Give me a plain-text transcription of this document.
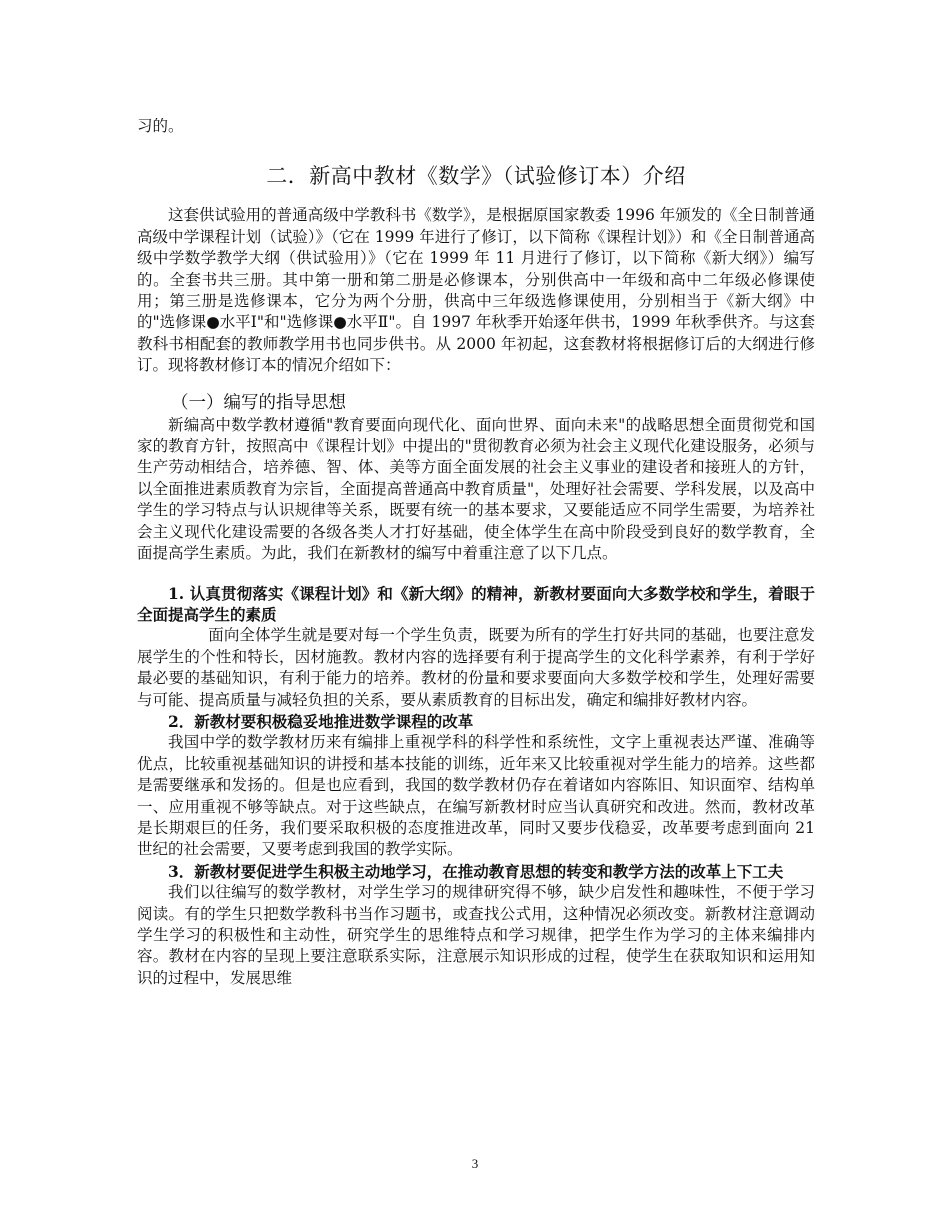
习的。

二．新高中教材《数学》（试验修订本）介绍

这套供试验用的普通高级中学教科书《数学》，是根据原国家教委 1996 年颁发的《全日制普通高级中学课程计划（试验）》（它在 1999 年进行了修订，以下简称《课程计划》）和《全日制普通高级中学数学教学大纲（供试验用）》（它在 1999 年 11 月进行了修订，以下简称《新大纲》）编写的。全套书共三册。其中第一册和第二册是必修课本，分别供高中一年级和高中二年级必修课使用；第三册是选修课本，它分为两个分册，供高中三年级选修课使用，分别相当于《新大纲》中的"选修课●水平Ⅰ"和"选修课●水平Ⅱ"。自 1997 年秋季开始逐年供书，1999 年秋季供齐。与这套教科书相配套的教师教学用书也同步供书。从 2000 年初起，这套教材将根据修订后的大纲进行修订。现将教材修订本的情况介绍如下：

（一）编写的指导思想

新编高中数学教材遵循"教育要面向现代化、面向世界、面向未来"的战略思想全面贯彻党和国家的教育方针，按照高中《课程计划》中提出的"贯彻教育必须为社会主义现代化建设服务，必须与生产劳动相结合，培养德、智、体、美等方面全面发展的社会主义事业的建设者和接班人的方针，以全面推进素质教育为宗旨，全面提高普通高中教育质量"，处理好社会需要、学科发展，以及高中学生的学习特点与认识规律等关系，既要有统一的基本要求，又要能适应不同学生需要，为培养社会主义现代化建设需要的各级各类人才打好基础，使全体学生在高中阶段受到良好的数学教育，全面提高学生素质。为此，我们在新教材的编写中着重注意了以下几点。

1. 认真贯彻落实《课程计划》和《新大纲》的精神，新教材要面向大多数学校和学生，着眼于全面提高学生的素质

面向全体学生就是要对每一个学生负责，既要为所有的学生打好共同的基础，也要注意发展学生的个性和特长，因材施教。教材内容的选择要有利于提高学生的文化科学素养，有利于学好最必要的基础知识，有利于能力的培养。教材的份量和要求要面向大多数学校和学生，处理好需要与可能、提高质量与减轻负担的关系，要从素质教育的目标出发，确定和编排好教材内容。

2．新教材要积极稳妥地推进数学课程的改革

我国中学的数学教材历来有编排上重视学科的科学性和系统性，文字上重视表达严谨、准确等优点，比较重视基础知识的讲授和基本技能的训练，近年来又比较重视对学生能力的培养。这些都是需要继承和发扬的。但是也应看到，我国的数学教材仍存在着诸如内容陈旧、知识面窄、结构单一、应用重视不够等缺点。对于这些缺点，在编写新教材时应当认真研究和改进。然而，教材改革是长期艰巨的任务，我们要采取积极的态度推进改革，同时又要步伐稳妥，改革要考虑到面向 21 世纪的社会需要，又要考虑到我国的教学实际。

3．新教材要促进学生积极主动地学习，在推动教育思想的转变和教学方法的改革上下工夫

我们以往编写的数学教材，对学生学习的规律研究得不够，缺少启发性和趣味性，不便于学习阅读。有的学生只把数学教科书当作习题书，或查找公式用，这种情况必须改变。新教材注意调动学生学习的积极性和主动性，研究学生的思维特点和学习规律，把学生作为学习的主体来编排内容。教材在内容的呈现上要注意联系实际，注意展示知识形成的过程，使学生在获取知识和运用知识的过程中，发展思维

3
